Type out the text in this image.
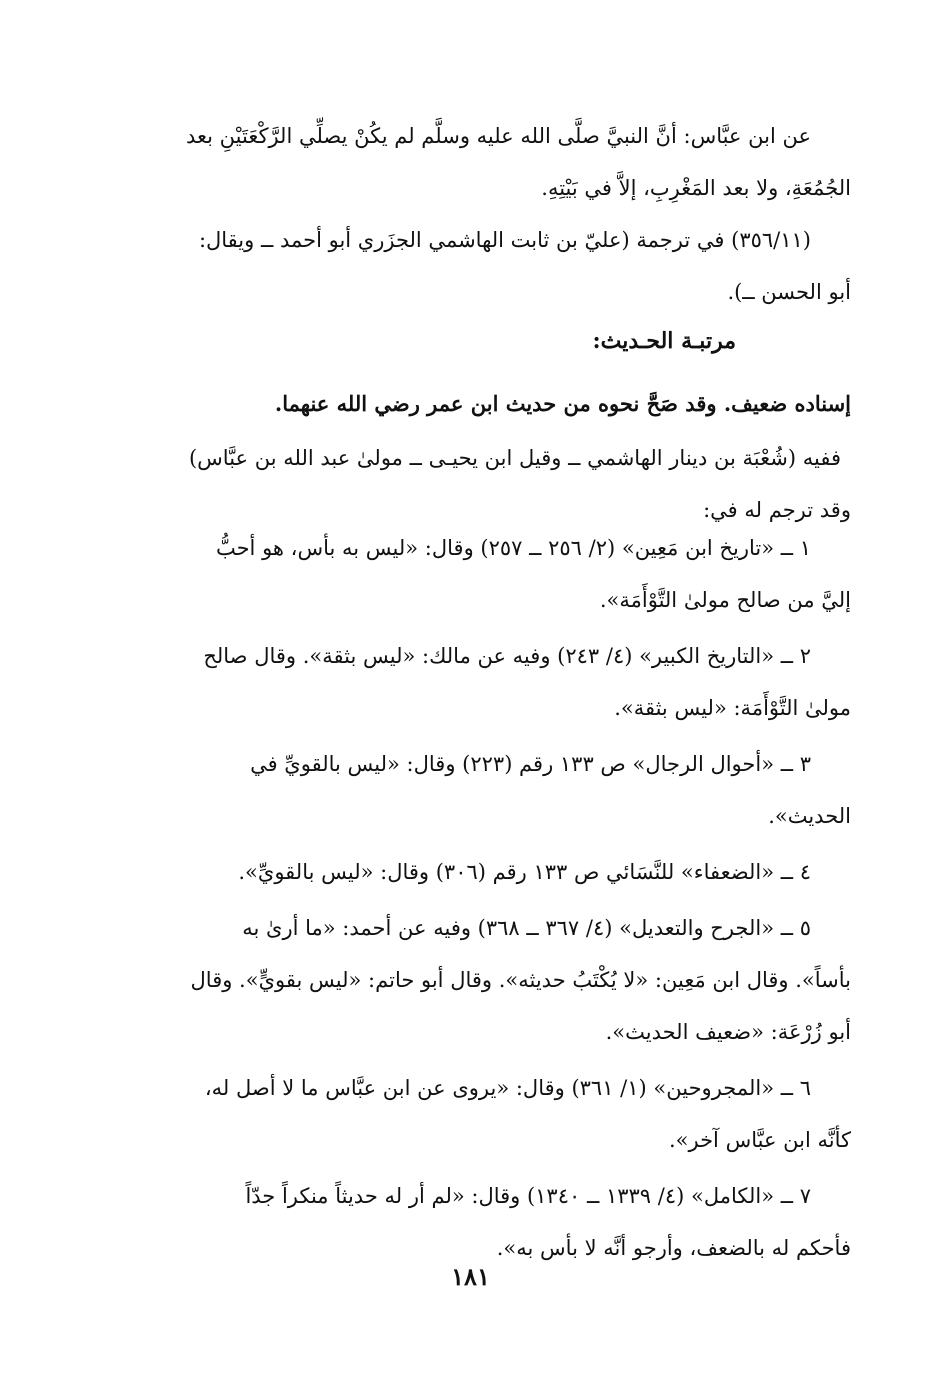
عن ابن عبَّاس: أنَّ النبيَّ صلَّى الله عليه وسلَّم لم يكُنْ يصلِّي الرَّكْعَتَيْنِ بعد
الجُمُعَةِ، ولا بعد المَغْرِبِ، إلاَّ في بَيْتِهِ.
(٣٥٦/١١) في ترجمة (عليّ بن ثابت الهاشمي الجزَري أبو أحمد ــ ويقال:
أبو الحسن ــ).
مرتبـة الحـديث:
إسناده ضعيف. وقد صَحَّ نحوه من حديث ابن عمر رضي الله عنهما.
ففيه (شُعْبَة بن دينار الهاشمي ــ وقيل ابن يحيـى ــ مولىٰ عبد الله بن عبَّاس)
وقد ترجم له في:
١ ــ «تاريخ ابن مَعِين» (٢/ ٢٥٦ ــ ٢٥٧) وقال: «ليس به بأس، هو أحبُّ
إليَّ من صالح مولىٰ التَّوْأَمَة».
٢ ــ «التاريخ الكبير» (٤/ ٢٤٣) وفيه عن مالك: «ليس بثقة». وقال صالح
مولىٰ التَّوْأَمَة: «ليس بثقة».
٣ ــ «أحوال الرجال» ص ١٣٣ رقم (٢٢٣) وقال: «ليس بالقويِّ في
الحديث».
٤ ــ «الضعفاء» للنَّسَائي ص ١٣٣ رقم (٣٠٦) وقال: «ليس بالقويِّ».
٥ ــ «الجرح والتعديل» (٤/ ٣٦٧ ــ ٣٦٨) وفيه عن أحمد: «ما أرىٰ به
بأساً». وقال ابن مَعِين: «لا يُكْتَبُ حديثه». وقال أبو حاتم: «ليس بقويٍّ». وقال
أبو زُرْعَة: «ضعيف الحديث».
٦ ــ «المجروحين» (١/ ٣٦١) وقال: «يروى عن ابن عبَّاس ما لا أصل له،
كأنَّه ابن عبَّاس آخر».
٧ ــ «الكامل» (٤/ ١٣٣٩ ــ ١٣٤٠) وقال: «لم أر له حديثاً منكراً جدّاً
فأحكم له بالضعف، وأرجو أنَّه لا بأس به».
١٨١
